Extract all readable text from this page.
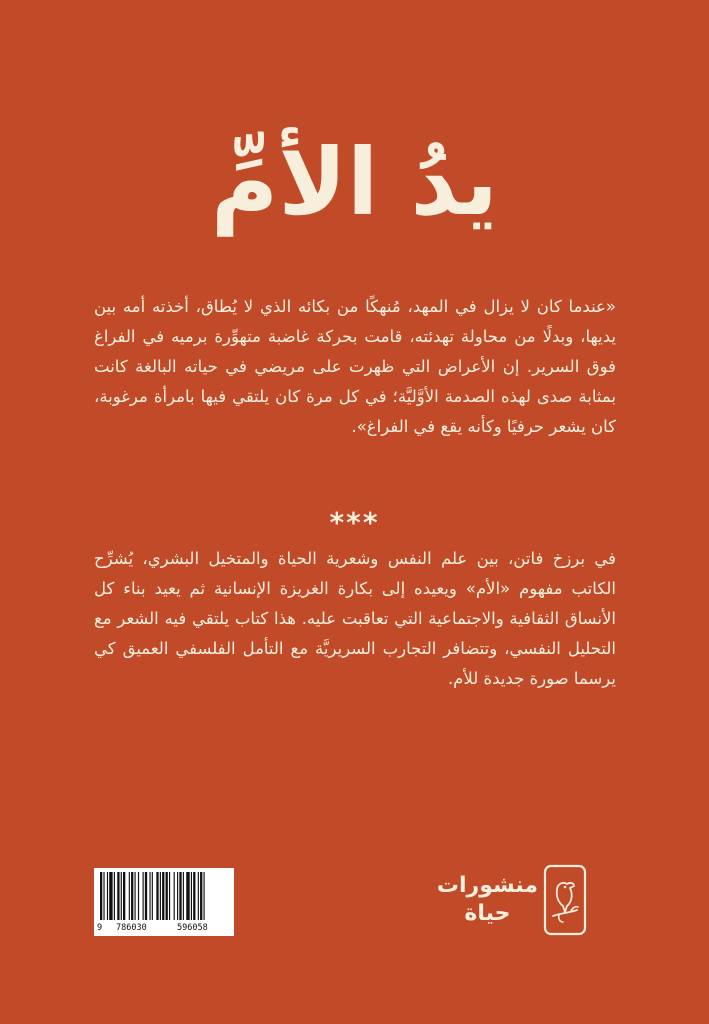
يدُ الأمِّ

«عندما كان لا يزال في المهد، مُنهكًا من بكائه الذي لا يُطاق، أخذته أمه بين يديها، وبدلًا من محاولة تهدئته، قامت بحركة غاضبة متهوِّرة برميه في الفراغ فوق السرير. إن الأعراض التي ظهرت على مريضي في حياته البالغة كانت بمثابة صدى لهذه الصدمة الأوَّليَّة؛ في كل مرة كان يلتقي فيها بامرأة مرغوبة، كان يشعر حرفيًا وكأنه يقع في الفراغ».

***

في برزخ فاتن، بين علم النفس وشعرية الحياة والمتخيل البشري، يُشرِّح الكاتب مفهوم «الأم» ويعيده إلى بكارة الغريزة الإنسانية ثم يعيد بناء كل الأنساق الثقافية والاجتماعية التي تعاقبت عليه. هذا كتاب يلتقي فيه الشعر مع التحليل النفسي، وتتضافر التجارب السريريَّة مع التأمل الفلسفي العميق كي يرسما صورة جديدة للأم.

9 786030	596058
منشورات
حياة
